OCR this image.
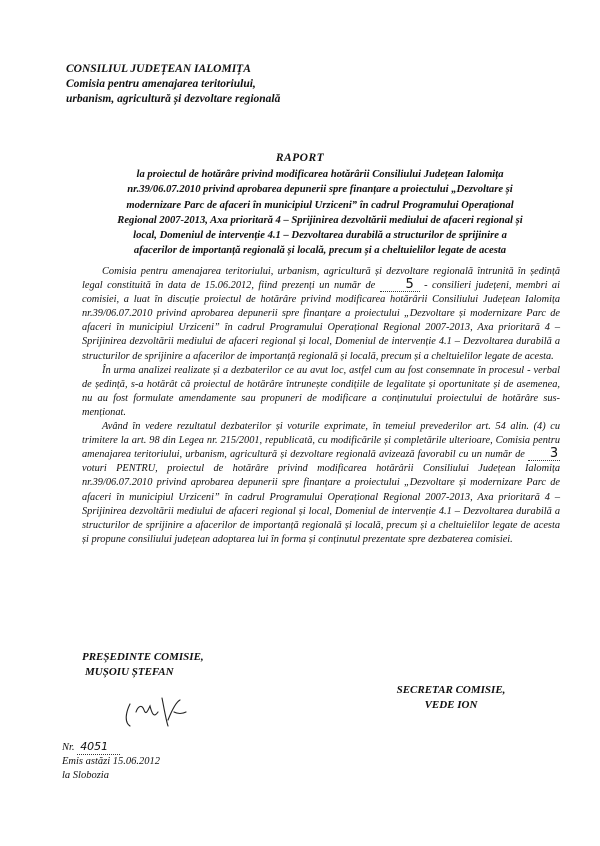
CONSILIUL JUDEȚEAN IALOMIȚA
Comisia pentru amenajarea teritoriului,
urbanism, agricultură și dezvoltare regională
RAPORT
la proiectul de hotărâre privind modificarea hotărârii Consiliului Județean Ialomița
nr.39/06.07.2010 privind aprobarea depunerii spre finanțare a proiectului „Dezvoltare și
modernizare Parc de afaceri în municipiul Urziceni” în cadrul Programului Operațional
Regional 2007-2013, Axa prioritară 4 – Sprijinirea dezvoltării mediului de afaceri regional și
local, Domeniul de intervenție 4.1 – Dezvoltarea durabilă a structurilor de sprijinire a
afacerilor de importanță regională și locală, precum și a cheltuielilor legate de acesta

Comisia pentru amenajarea teritoriului, urbanism, agricultură și dezvoltare regională întrunită în ședință legal constituită în data de 15.06.2012, fiind prezenți un număr de 5 - consilieri județeni, membri ai comisiei, a luat în discuție proiectul de hotărâre privind modificarea hotărârii Consiliului Județean Ialomița nr.39/06.07.2010 privind aprobarea depunerii spre finanțare a proiectului „Dezvoltare și modernizare Parc de afaceri în municipiul Urziceni” în cadrul Programului Operațional Regional 2007-2013, Axa prioritară 4 – Sprijinirea dezvoltării mediului de afaceri regional și local, Domeniul de intervenție 4.1 – Dezvoltarea durabilă a structurilor de sprijinire a afacerilor de importanță regională și locală, precum și a cheltuielilor legate de acesta.

În urma analizei realizate și a dezbaterilor ce au avut loc, astfel cum au fost consemnate în procesul - verbal de ședință, s-a hotărât că proiectul de hotărâre întrunește condițiile de legalitate și oportunitate și de asemenea, nu au fost formulate amendamente sau propuneri de modificare a conținutului proiectului de hotărâre sus-menționat.

Având în vedere rezultatul dezbaterilor și voturile exprimate, în temeiul prevederilor art. 54 alin. (4) cu trimitere la art. 98 din Legea nr. 215/2001, republicată, cu modificările și completările ulterioare, Comisia pentru amenajarea teritoriului, urbanism, agricultură și dezvoltare regională avizează favorabil cu un număr de 3 voturi PENTRU, proiectul de hotărâre privind modificarea hotărârii Consiliului Județean Ialomița nr.39/06.07.2010 privind aprobarea depunerii spre finanțare a proiectului „Dezvoltare și modernizare Parc de afaceri în municipiul Urziceni” în cadrul Programului Operațional Regional 2007-2013, Axa prioritară 4 – Sprijinirea dezvoltării mediului de afaceri regional și local, Domeniul de intervenție 4.1 – Dezvoltarea durabilă a structurilor de sprijinire a afacerilor de importanță regională și locală, precum și a cheltuielilor legate de acesta și propune consiliului județean adoptarea lui în forma și conținutul prezentate spre dezbaterea comisiei.

PREȘEDINTE COMISIE,
MUȘOIU ȘTEFAN
SECRETAR COMISIE,
VEDE ION
Nr. 4051
Emis astăzi 15.06.2012
la Slobozia
